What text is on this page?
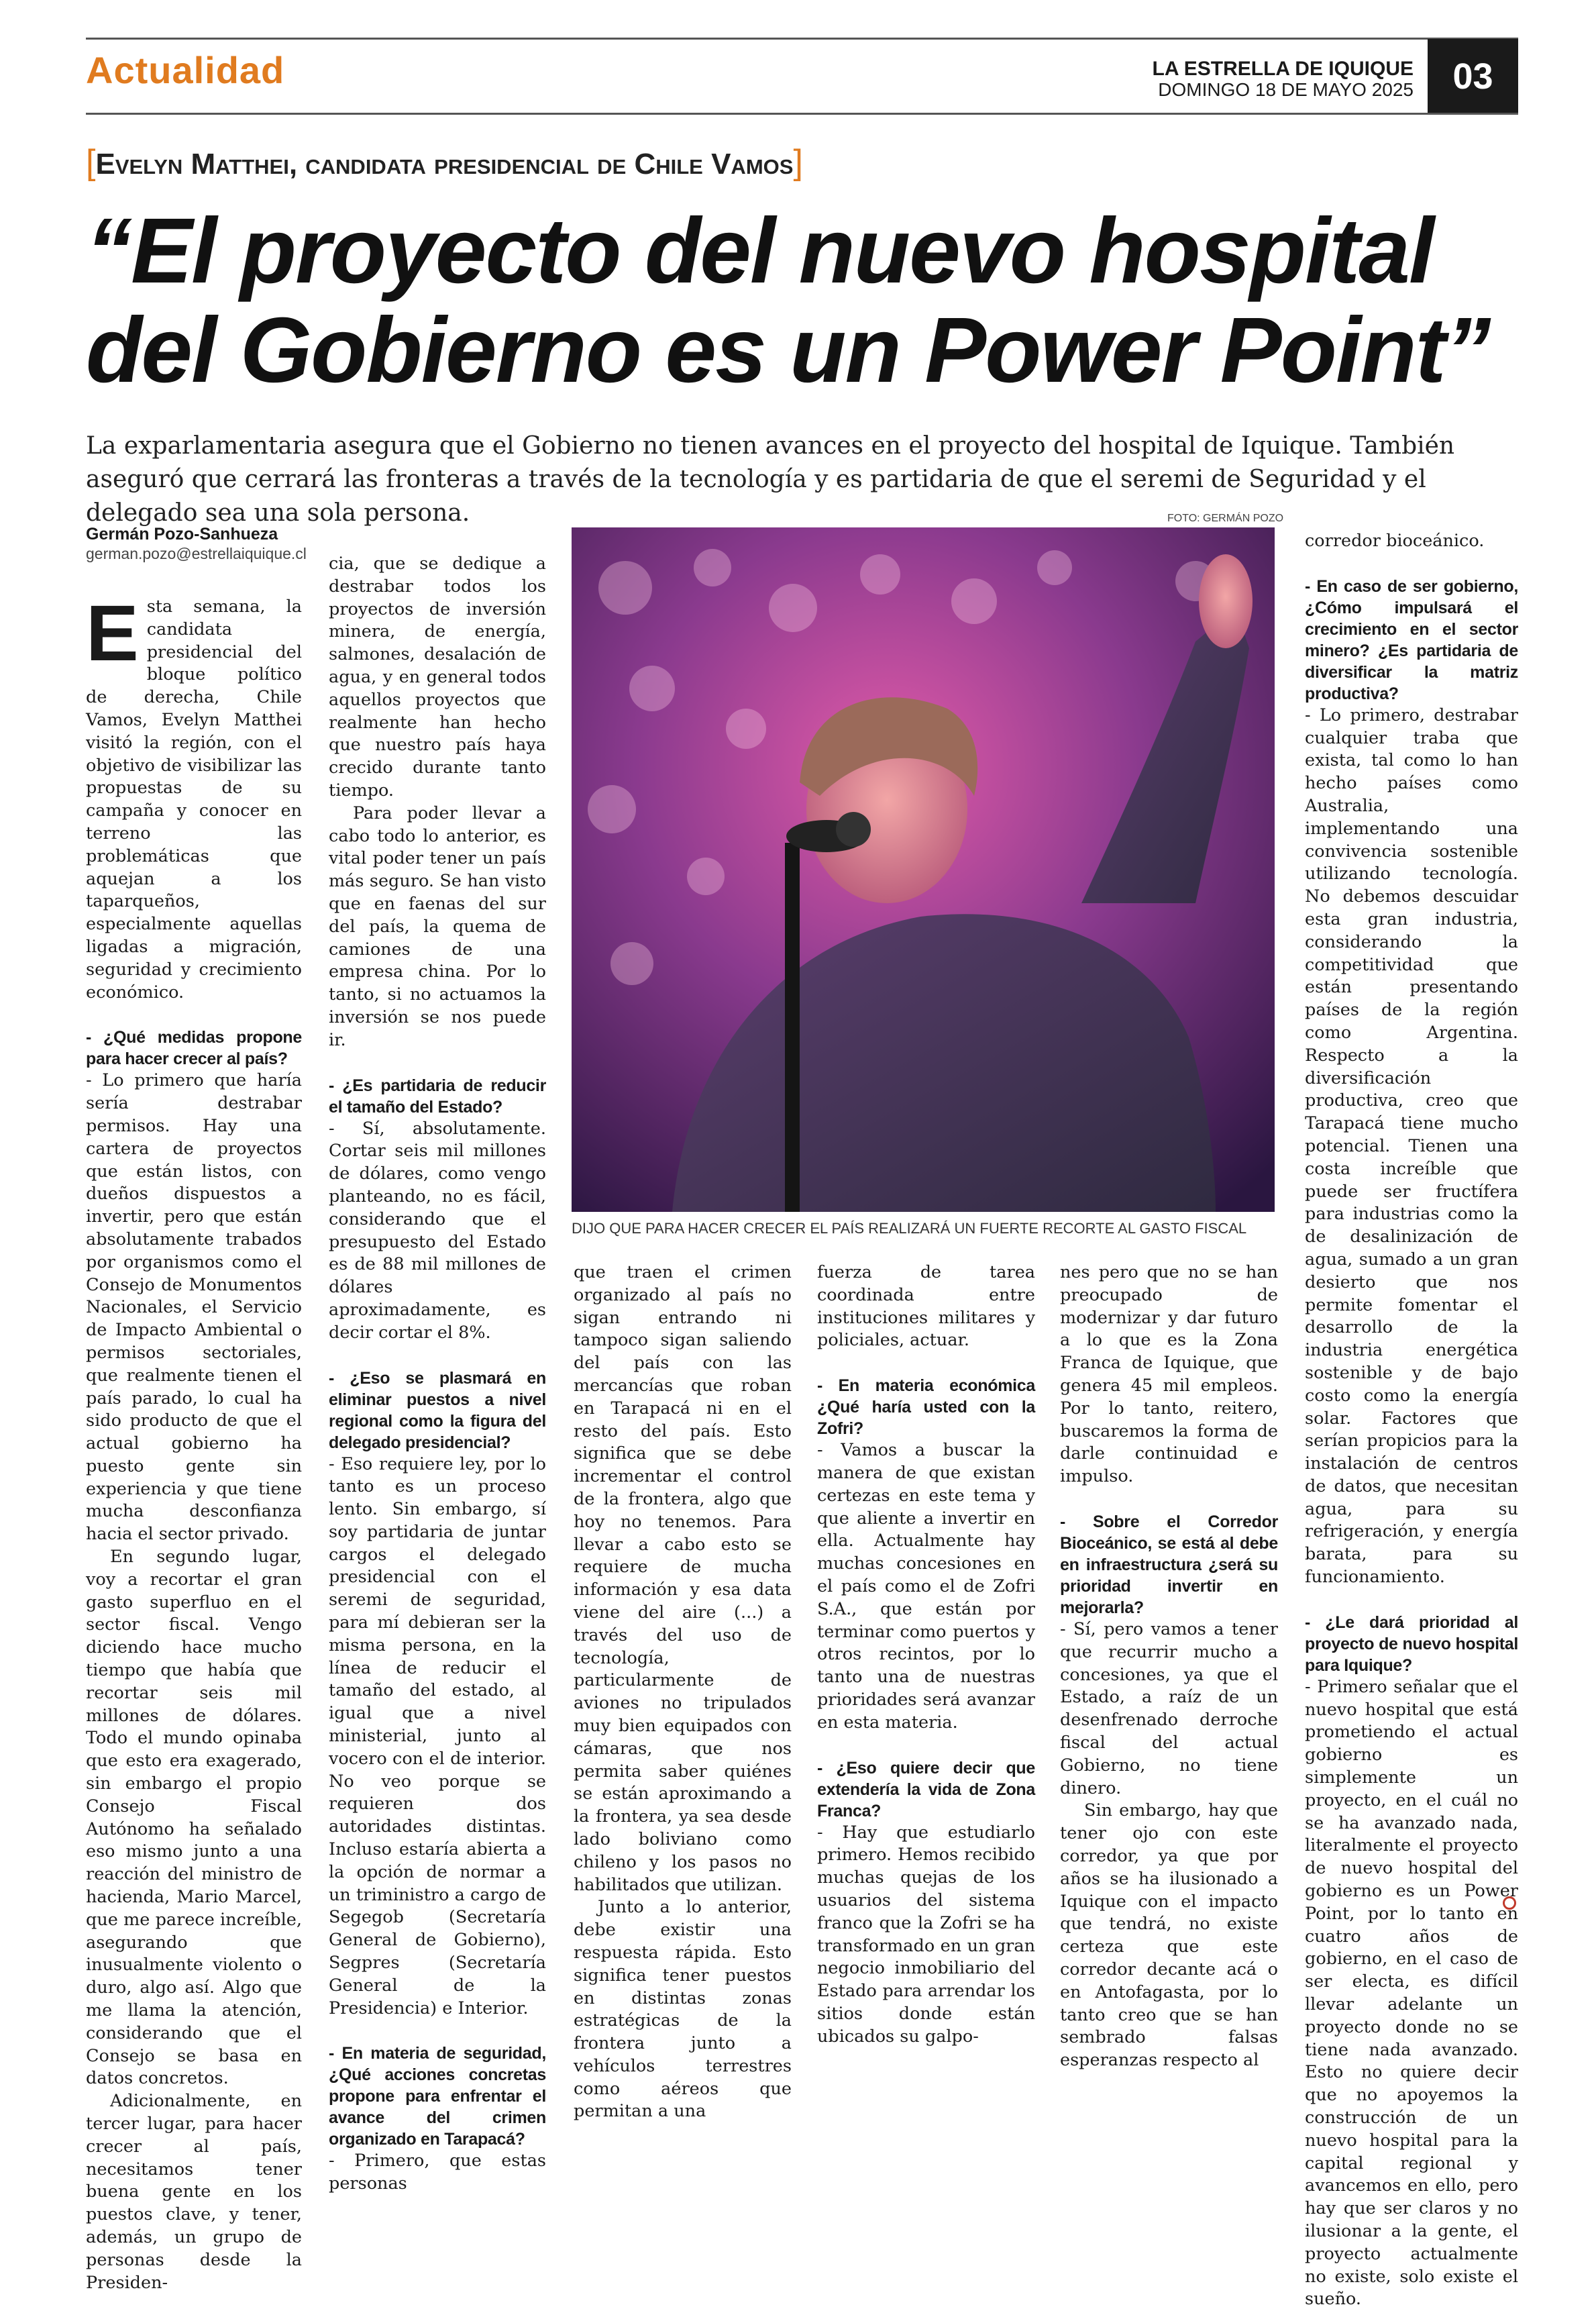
Actualidad	LA ESTRELLA DE IQUIQUE
DOMINGO 18 DE MAYO 2025	03
[Evelyn Matthei, candidata presidencial de Chile Vamos]
“El proyecto del nuevo hospital
del Gobierno es un Power Point”
La exparlamentaria asegura que el Gobierno no tienen avances en el proyecto del hospital de Iquique. También aseguró que cerrará las fronteras a través de la tecnología y es partidaria de que el seremi de Seguridad y el delegado sea una sola persona.
Germán Pozo-Sanhueza
german.pozo@estrellaiquique.cl
FOTO: GERMÁN POZO
DIJO QUE PARA HACER CRECER EL PAÍS REALIZARÁ UN FUERTE RECORTE AL GASTO FISCAL
E sta semana, la candidata presidencial del bloque político de derecha, Chile Vamos, Evelyn Matthei visitó la región, con el objetivo de visibilizar las propuestas de su campaña y conocer en terreno las problemáticas que aquejan a los taparqueños, especialmente aquellas ligadas a migración, seguridad y crecimiento económico.

- ¿Qué medidas propone para hacer crecer al país?

- Lo primero que haría sería destrabar permisos. Hay una cartera de proyectos que están listos, con dueños dispuestos a invertir, pero que están absolutamente trabados por organismos como el Consejo de Monumentos Nacionales, el Servicio de Impacto Ambiental o permisos sectoriales, que realmente tienen el país parado, lo cual ha sido producto de que el actual gobierno ha puesto gente sin experiencia y que tiene mucha desconfianza hacia el sector privado.

En segundo lugar, voy a recortar el gran gasto superfluo en el sector fiscal. Vengo diciendo hace mucho tiempo que había que recortar seis mil millones de dólares. Todo el mundo opinaba que esto era exagerado, sin embargo el propio Consejo Fiscal Autónomo ha señalado eso mismo junto a una reacción del ministro de hacienda, Mario Marcel, que me parece increíble, asegurando que inusualmente violento o duro, algo así. Algo que me llama la atención, considerando que el Consejo se basa en datos concretos.

Adicionalmente, en tercer lugar, para hacer crecer al país, necesitamos tener buena gente en los puestos clave, y tener, además, un grupo de personas desde la Presiden-

cia, que se dedique a destrabar todos los proyectos de inversión minera, de energía, salmones, desalación de agua, y en general todos aquellos proyectos que realmente han hecho que nuestro país haya crecido durante tanto tiempo.

Para poder llevar a cabo todo lo anterior, es vital poder tener un país más seguro. Se han visto que en faenas del sur del país, la quema de camiones de una empresa china. Por lo tanto, si no actuamos la inversión se nos puede ir.

- ¿Es partidaria de reducir el tamaño del Estado?

- Sí, absolutamente. Cortar seis mil millones de dólares, como vengo planteando, no es fácil, considerando que el presupuesto del Estado es de 88 mil millones de dólares aproximadamente, es decir cortar el 8%.

- ¿Eso se plasmará en eliminar puestos a nivel regional como la figura del delegado presidencial?

- Eso requiere ley, por lo tanto es un proceso lento. Sin embargo, sí soy partidaria de juntar cargos el delegado presidencial con el seremi de seguridad, para mí debieran ser la misma persona, en la línea de reducir el tamaño del estado, al igual que a nivel ministerial, junto al vocero con el de interior. No veo porque se requieren dos autoridades distintas. Incluso estaría abierta a la opción de normar a un triministro a cargo de Segegob (Secretaría General de Gobierno), Segpres (Secretaría General de la Presidencia) e Interior.

- En materia de seguridad, ¿Qué acciones concretas propone para enfrentar el avance del crimen organizado en Tarapacá?

- Primero, que estas personas

que traen el crimen organizado al país no sigan entrando ni tampoco sigan saliendo del país con las mercancías que roban en Tarapacá ni en el resto del país. Esto significa que se debe incrementar el control de la frontera, algo que hoy no tenemos. Para llevar a cabo esto se requiere de mucha información y esa data viene del aire (...) a través del uso de tecnología, particularmente de aviones no tripulados muy bien equipados con cámaras, que nos permita saber quiénes se están aproximando a la frontera, ya sea desde lado boliviano como chileno y los pasos no habilitados que utilizan.

Junto a lo anterior, debe existir una respuesta rápida. Esto significa tener puestos en distintas zonas estratégicas de la frontera junto a vehículos terrestres como aéreos que permitan a una

fuerza de tarea coordinada entre instituciones militares y policiales, actuar.

- En materia económica ¿Qué haría usted con la Zofri?

- Vamos a buscar la manera de que existan certezas en este tema y que aliente a invertir en ella. Actualmente hay muchas concesiones en el país como el de Zofri S.A., que están por terminar como puertos y otros recintos, por lo tanto una de nuestras prioridades será avanzar en esta materia.

- ¿Eso quiere decir que extendería la vida de Zona Franca?

- Hay que estudiarlo primero. Hemos recibido muchas quejas de los usuarios del sistema franco que la Zofri se ha transformado en un gran negocio inmobiliario del Estado para arrendar los sitios donde están ubicados su galpo-

nes pero que no se han preocupado de modernizar y dar futuro a lo que es la Zona Franca de Iquique, que genera 45 mil empleos. Por lo tanto, reitero, buscaremos la forma de darle continuidad e impulso.

- Sobre el Corredor Bioceánico, se está al debe en infraestructura ¿será su prioridad invertir en mejorarla?

- Sí, pero vamos a tener que recurrir mucho a concesiones, ya que el Estado, a raíz de un desenfrenado derroche fiscal del actual Gobierno, no tiene dinero.

Sin embargo, hay que tener ojo con este corredor, ya que por años se ha ilusionado a Iquique con el impacto que tendrá, no existe certeza que este corredor decante acá o en Antofagasta, por lo tanto creo que se han sembrado falsas esperanzas respecto al

corredor bioceánico.

- En caso de ser gobierno, ¿Cómo impulsará el crecimiento en el sector minero? ¿Es partidaria de diversificar la matriz productiva?

- Lo primero, destrabar cualquier traba que exista, tal como lo han hecho países como Australia, implementando una convivencia sostenible utilizando tecnología. No debemos descuidar esta gran industria, considerando la competitividad que están presentando países de la región como Argentina. Respecto a la diversificación productiva, creo que Tarapacá tiene mucho potencial. Tienen una costa increíble que puede ser fructífera para industrias como la de desalinización de agua, sumado a un gran desierto que nos permite fomentar el desarrollo de la industria energética sostenible y de bajo costo como la energía solar. Factores que serían propicios para la instalación de centros de datos, que necesitan agua, para su refrigeración, y energía barata, para su funcionamiento.

- ¿Le dará prioridad al proyecto de nuevo hospital para Iquique?

- Primero señalar que el nuevo hospital que está prometiendo el actual gobierno es simplemente un proyecto, en el cuál no se ha avanzado nada, literalmente el proyecto de nuevo hospital del gobierno es un Power Point, por lo tanto en cuatro años de gobierno, en el caso de ser electa, es difícil llevar adelante un proyecto donde no se tiene nada avanzado. Esto no quiere decir que no apoyemos la construcción de un nuevo hospital para la capital regional y avancemos en ello, pero hay que ser claros y no ilusionar a la gente, el proyecto actualmente no existe, solo existe el sueño.
